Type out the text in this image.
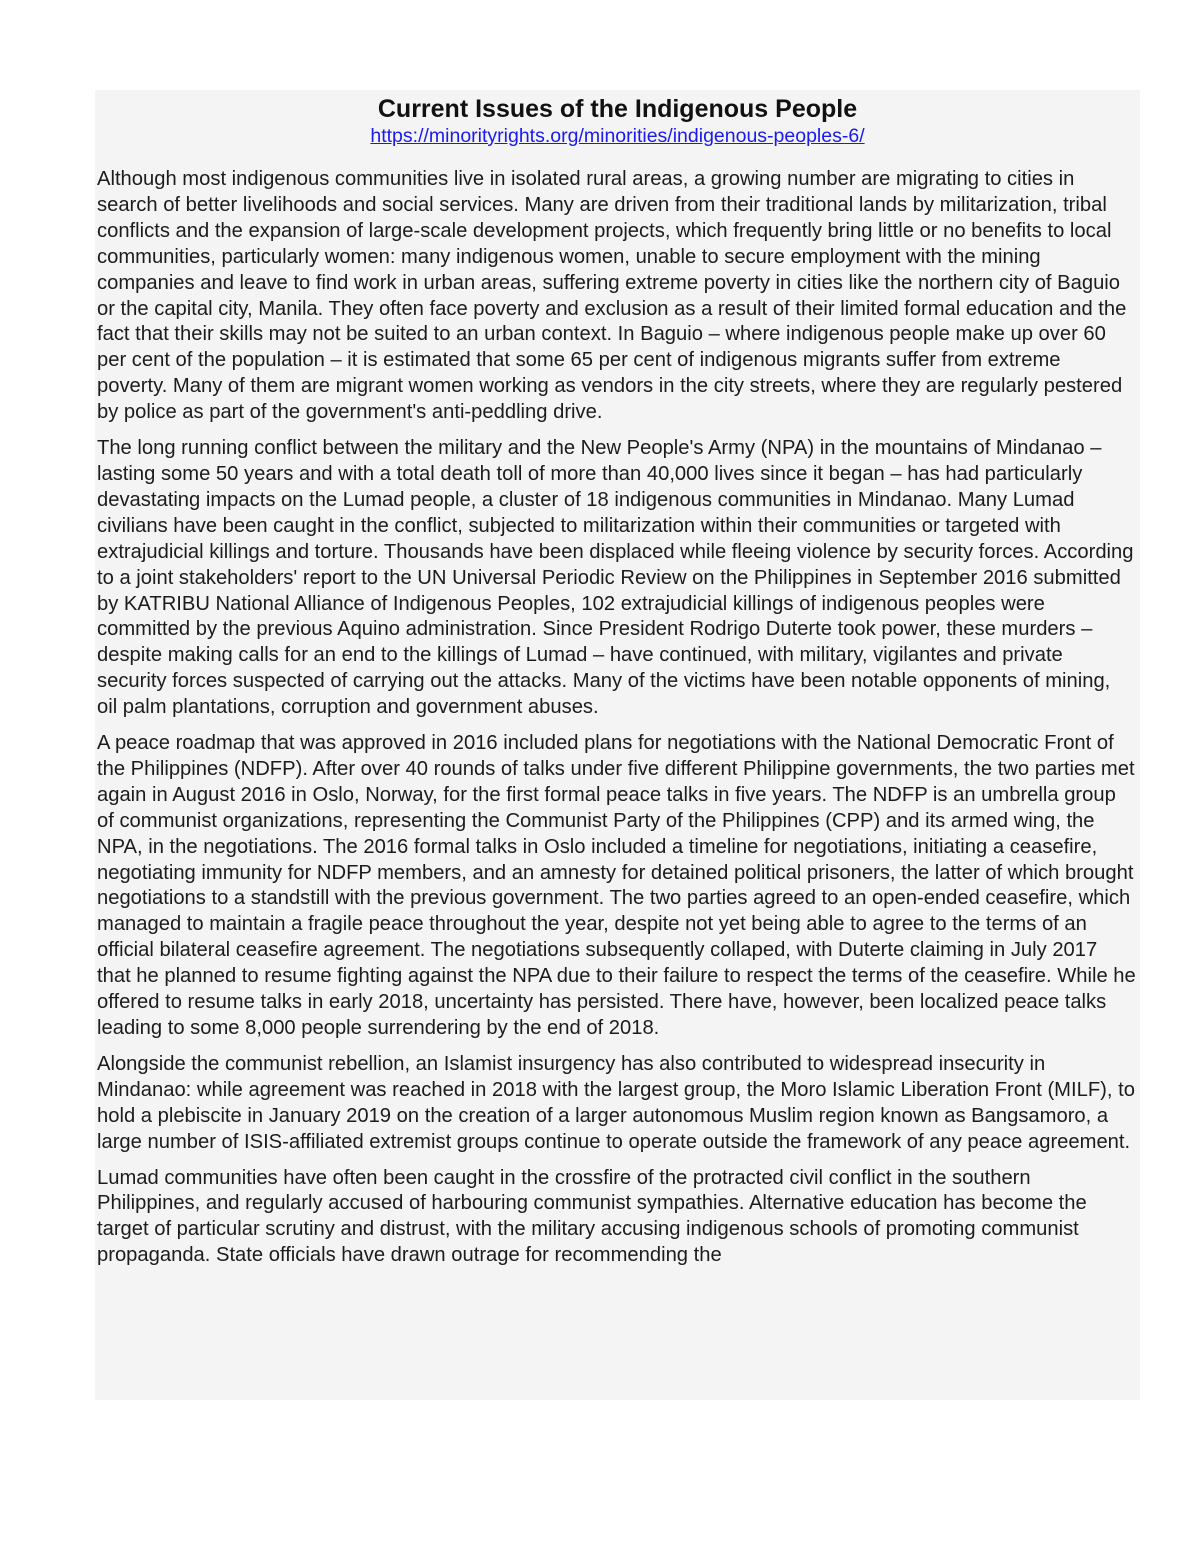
Current Issues of the Indigenous People
https://minorityrights.org/minorities/indigenous-peoples-6/

Although most indigenous communities live in isolated rural areas, a growing number are migrating to cities in search of better livelihoods and social services. Many are driven from their traditional lands by militarization, tribal conflicts and the expansion of large-scale development projects, which frequently bring little or no benefits to local communities, particularly women: many indigenous women, unable to secure employment with the mining companies and leave to find work in urban areas, suffering extreme poverty in cities like the northern city of Baguio or the capital city, Manila. They often face poverty and exclusion as a result of their limited formal education and the fact that their skills may not be suited to an urban context. In Baguio – where indigenous people make up over 60 per cent of the population – it is estimated that some 65 per cent of indigenous migrants suffer from extreme poverty. Many of them are migrant women working as vendors in the city streets, where they are regularly pestered by police as part of the government's anti-peddling drive.

The long running conflict between the military and the New People's Army (NPA) in the mountains of Mindanao – lasting some 50 years and with a total death toll of more than 40,000 lives since it began – has had particularly devastating impacts on the Lumad people, a cluster of 18 indigenous communities in Mindanao. Many Lumad civilians have been caught in the conflict, subjected to militarization within their communities or targeted with extrajudicial killings and torture. Thousands have been displaced while fleeing violence by security forces. According to a joint stakeholders' report to the UN Universal Periodic Review on the Philippines in September 2016 submitted by KATRIBU National Alliance of Indigenous Peoples, 102 extrajudicial killings of indigenous peoples were committed by the previous Aquino administration. Since President Rodrigo Duterte took power, these murders – despite making calls for an end to the killings of Lumad – have continued, with military, vigilantes and private security forces suspected of carrying out the attacks. Many of the victims have been notable opponents of mining, oil palm plantations, corruption and government abuses.

A peace roadmap that was approved in 2016 included plans for negotiations with the National Democratic Front of the Philippines (NDFP). After over 40 rounds of talks under five different Philippine governments, the two parties met again in August 2016 in Oslo, Norway, for the first formal peace talks in five years. The NDFP is an umbrella group of communist organizations, representing the Communist Party of the Philippines (CPP) and its armed wing, the NPA, in the negotiations. The 2016 formal talks in Oslo included a timeline for negotiations, initiating a ceasefire, negotiating immunity for NDFP members, and an amnesty for detained political prisoners, the latter of which brought negotiations to a standstill with the previous government. The two parties agreed to an open-ended ceasefire, which managed to maintain a fragile peace throughout the year, despite not yet being able to agree to the terms of an official bilateral ceasefire agreement. The negotiations subsequently collaped, with Duterte claiming in July 2017 that he planned to resume fighting against the NPA due to their failure to respect the terms of the ceasefire. While he offered to resume talks in early 2018, uncertainty has persisted. There have, however, been localized peace talks leading to some 8,000 people surrendering by the end of 2018.

Alongside the communist rebellion, an Islamist insurgency has also contributed to widespread insecurity in Mindanao: while agreement was reached in 2018 with the largest group, the Moro Islamic Liberation Front (MILF), to hold a plebiscite in January 2019 on the creation of a larger autonomous Muslim region known as Bangsamoro, a large number of ISIS-affiliated extremist groups continue to operate outside the framework of any peace agreement.

Lumad communities have often been caught in the crossfire of the protracted civil conflict in the southern Philippines, and regularly accused of harbouring communist sympathies. Alternative education has become the target of particular scrutiny and distrust, with the military accusing indigenous schools of promoting communist propaganda. State officials have drawn outrage for recommending the
